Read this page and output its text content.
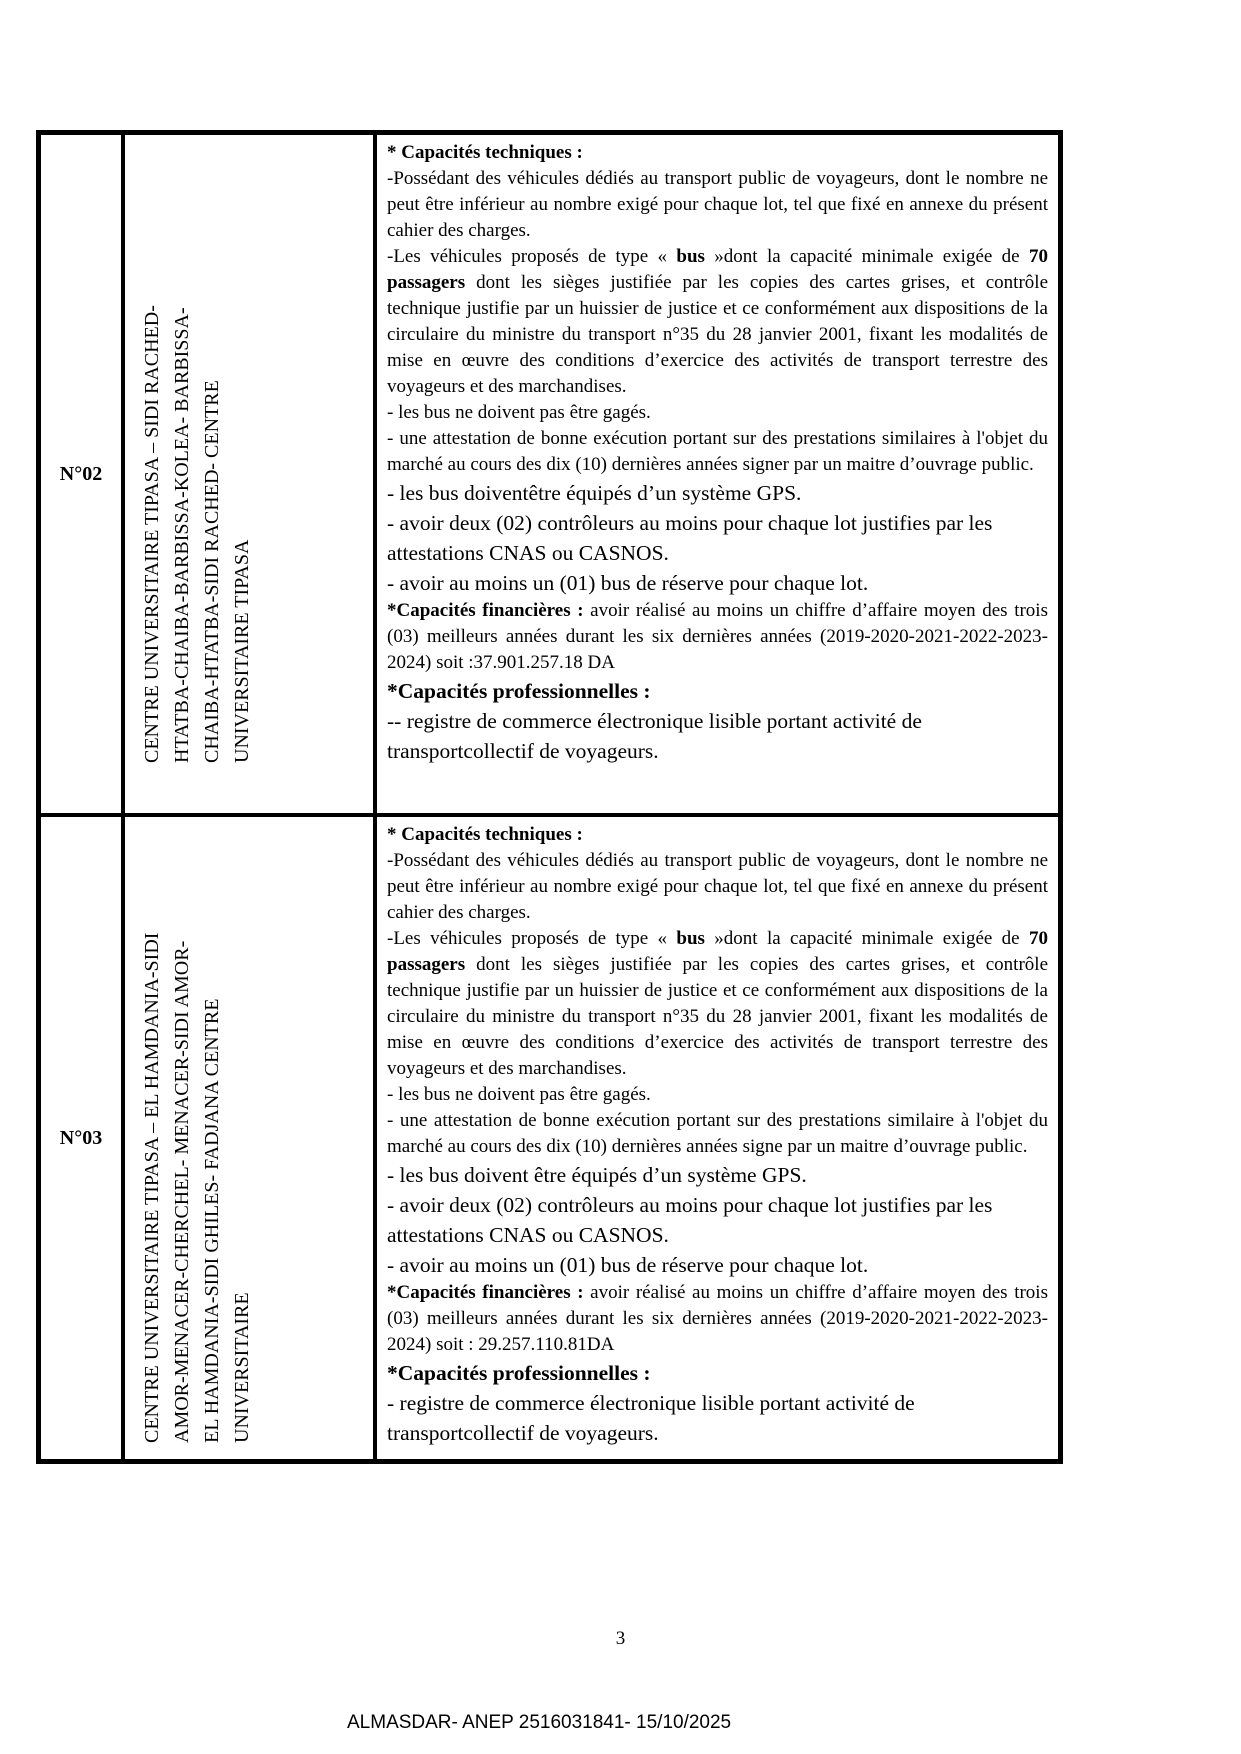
N°02 CENTRE UNIVERSITAIRE TIPASA – SIDI RACHED- HTATBA-CHAIBA-BARBISSA-KOLEA- BARBISSA- CHAIBA-HTATBA-SIDI RACHED- CENTRE UNIVERSITAIRE TIPASA

* Capacités techniques :

-Possédant des véhicules dédiés au transport public de voyageurs, dont le nombre ne peut être inférieur au nombre exigé pour chaque lot, tel que fixé en annexe du présent cahier des charges.

-Les véhicules proposés de type « bus »dont la capacité minimale exigée de 70 passagers dont les sièges justifiée par les copies des cartes grises, et contrôle technique justifie par un huissier de justice et ce conformément aux dispositions de la circulaire du ministre du transport n°35 du 28 janvier 2001, fixant les modalités de mise en œuvre des conditions d’exercice des activités de transport terrestre des voyageurs et des marchandises.

- les bus ne doivent pas être gagés.

- une attestation de bonne exécution portant sur des prestations similaires à l'objet du marché au cours des dix (10) dernières années signer par un maitre d’ouvrage public.

- les bus doiventêtre équipés d’un système GPS.

- avoir deux (02) contrôleurs au moins pour chaque lot justifies par les attestations CNAS ou CASNOS.

- avoir au moins un (01) bus de réserve pour chaque lot.

*Capacités financières : avoir réalisé au moins un chiffre d’affaire moyen des trois (03) meilleurs années durant les six dernières années (2019-2020-2021-2022-2023-2024) soit :37.901.257.18 DA

*Capacités professionnelles :

-- registre de commerce électronique lisible portant activité de transportcollectif de voyageurs.

N°03 CENTRE UNIVERSITAIRE TIPASA – EL HAMDANIA-SIDI AMOR-MENACER-CHERCHEL- MENACER-SIDI AMOR- EL HAMDANIA-SIDI GHILES- FADJANA CENTRE UNIVERSITAIRE

* Capacités techniques :

-Possédant des véhicules dédiés au transport public de voyageurs, dont le nombre ne peut être inférieur au nombre exigé pour chaque lot, tel que fixé en annexe du présent cahier des charges.

-Les véhicules proposés de type « bus »dont la capacité minimale exigée de 70 passagers dont les sièges justifiée par les copies des cartes grises, et contrôle technique justifie par un huissier de justice et ce conformément aux dispositions de la circulaire du ministre du transport n°35 du 28 janvier 2001, fixant les modalités de mise en œuvre des conditions d’exercice des activités de transport terrestre des voyageurs et des marchandises.

- les bus ne doivent pas être gagés.

- une attestation de bonne exécution portant sur des prestations similaire à l'objet du marché au cours des dix (10) dernières années signe par un maitre d’ouvrage public.

- les bus doivent être équipés d’un système GPS.

- avoir deux (02) contrôleurs au moins pour chaque lot justifies par les attestations CNAS ou CASNOS.

- avoir au moins un (01) bus de réserve pour chaque lot.

*Capacités financières : avoir réalisé au moins un chiffre d’affaire moyen des trois (03) meilleurs années durant les six dernières années (2019-2020-2021-2022-2023-2024) soit : 29.257.110.81DA

*Capacités professionnelles :

- registre de commerce électronique lisible portant activité de transportcollectif de voyageurs.

3
ALMASDAR- ANEP 2516031841- 15/10/2025
